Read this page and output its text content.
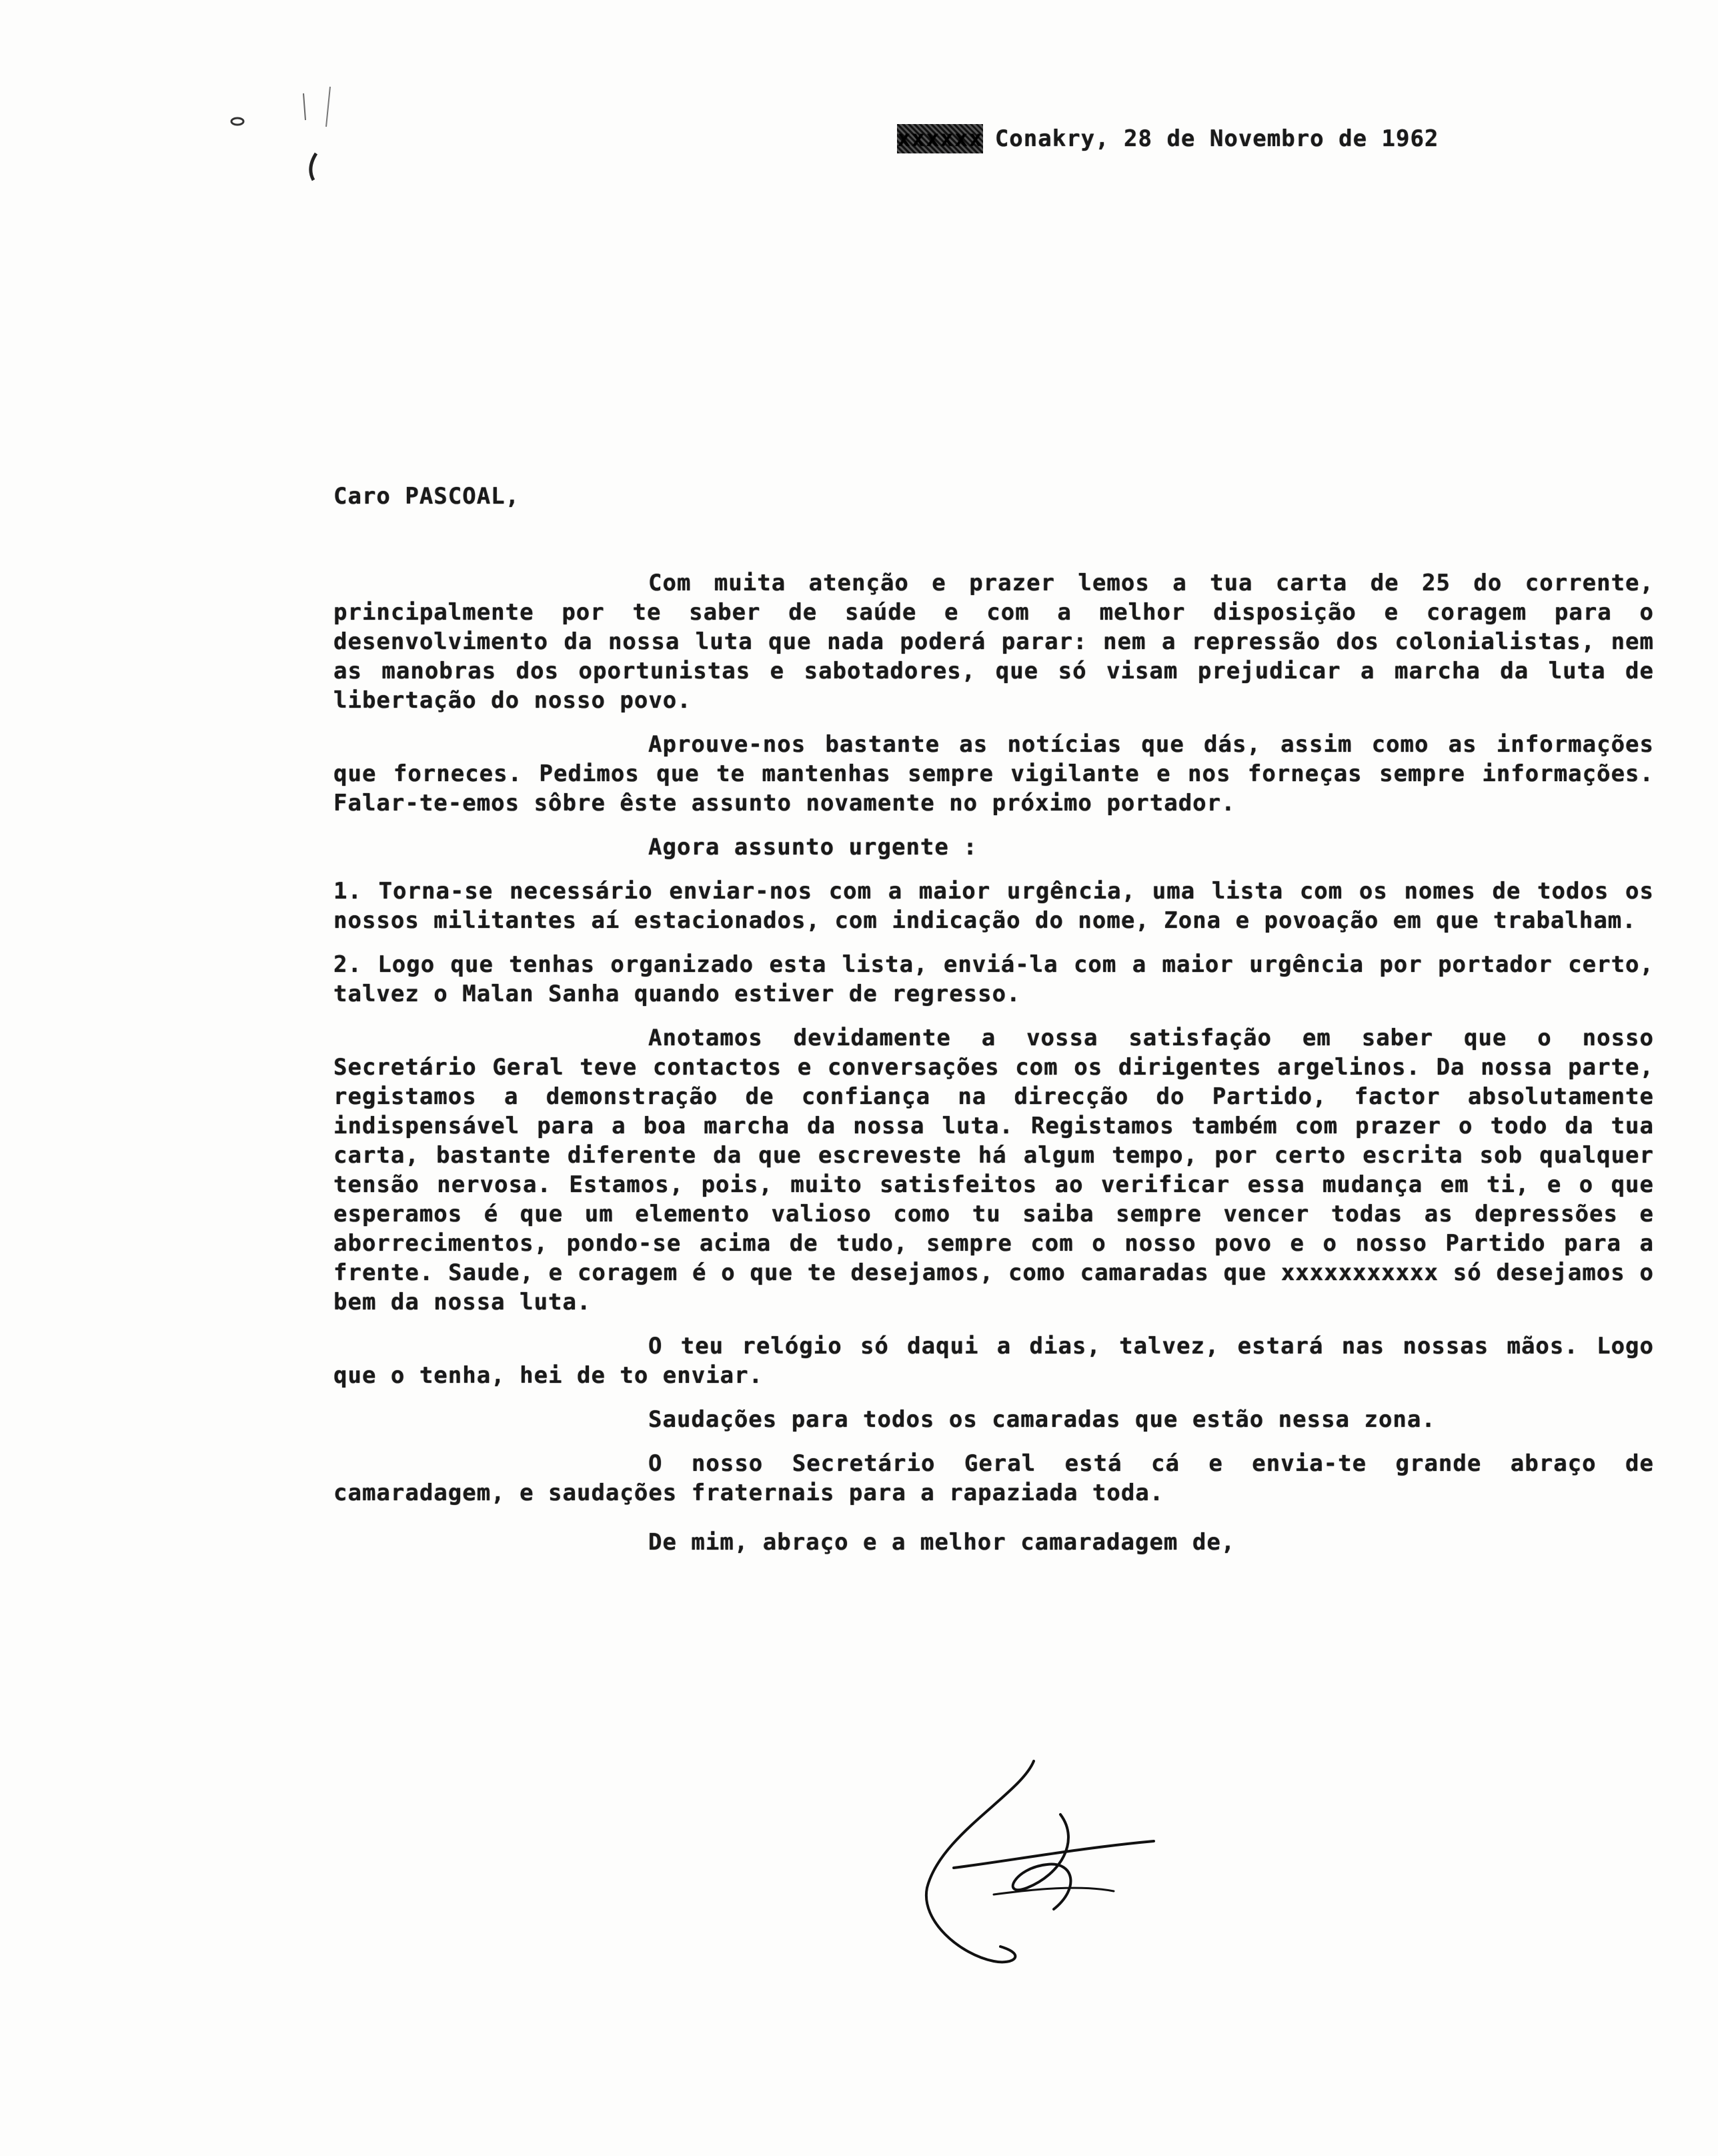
xxxxxx Conakry, 28 de Novembro de 1962
Caro PASCOAL,

Com muita atenção e prazer lemos a tua carta de 25 do corrente, principalmente por te saber de saúde e com a melhor disposição e coragem para o desenvolvimento da nossa luta que nada poderá parar: nem a repressão dos colonialistas, nem as manobras dos oportunistas e sabotadores, que só visam prejudicar a marcha da luta de libertação do nosso povo.

Aprouve-nos bastante as notícias que dás, assim como as informações que forneces. Pedimos que te mantenhas sempre vigilante e nos forneças sempre informações. Falar-te-emos sôbre êste assunto novamente no próximo portador.

Agora assunto urgente :

1. Torna-se necessário enviar-nos com a maior urgência, uma lista com os nomes de todos os nossos militantes aí estacionados, com indicação do nome, Zona e povoação em que trabalham.

2. Logo que tenhas organizado esta lista, enviá-la com a maior urgência por portador certo, talvez o Malan Sanha quando estiver de regresso.

Anotamos devidamente a vossa satisfação em saber que o nosso Secretário Geral teve contactos e conversações com os dirigentes argelinos. Da nossa parte, registamos a demonstração de confiança na direcção do Partido, factor absolutamente indispensável para a boa marcha da nossa luta. Registamos também com prazer o todo da tua carta, bastante diferente da que escreveste há algum tempo, por certo escrita sob qualquer tensão nervosa. Estamos, pois, muito satisfeitos ao verificar essa mudança em ti, e o que esperamos é que um elemento valioso como tu saiba sempre vencer todas as depressões e aborrecimentos, pondo-se acima de tudo, sempre com o nosso povo e o nosso Partido para a frente. Saude, e coragem é o que te desejamos, como camaradas que xxxxxxxxxxx só desejamos o bem da nossa luta.

O teu relógio só daqui a dias, talvez, estará nas nossas mãos. Logo que o tenha, hei de to enviar.

Saudações para todos os camaradas que estão nessa zona.

O nosso Secretário Geral está cá e envia-te grande abraço de camaradagem, e saudações fraternais para a rapaziada toda.

De mim, abraço e a melhor camaradagem de,
